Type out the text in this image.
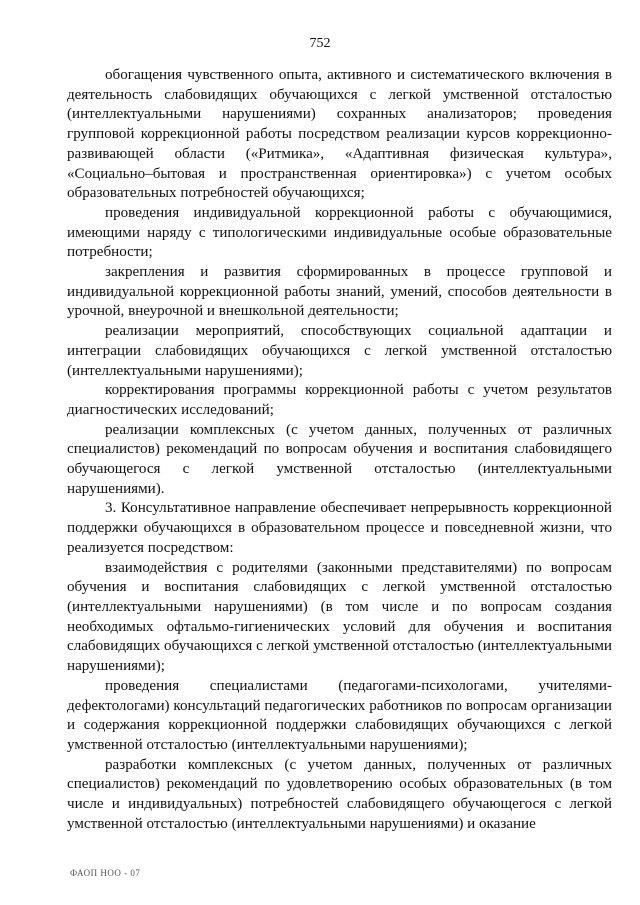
752

обогащения чувственного опыта, активного и систематического включения в деятельность слабовидящих обучающихся с легкой умственной отсталостью (интеллектуальными нарушениями) сохранных анализаторов; проведения групповой коррекционной работы посредством реализации курсов коррекционно-развивающей области («Ритмика», «Адаптивная физическая культура», «Социально–бытовая и пространственная ориентировка») с учетом особых образовательных потребностей обучающихся;

проведения индивидуальной коррекционной работы с обучающимися, имеющими наряду с типологическими индивидуальные особые образовательные потребности;

закрепления и развития сформированных в процессе групповой и индивидуальной коррекционной работы знаний, умений, способов деятельности в урочной, внеурочной и внешкольной деятельности;

реализации мероприятий, способствующих социальной адаптации и интеграции слабовидящих обучающихся с легкой умственной отсталостью (интеллектуальными нарушениями);

корректирования программы коррекционной работы с учетом результатов диагностических исследований;

реализации комплексных (с учетом данных, полученных от различных специалистов) рекомендаций по вопросам обучения и воспитания слабовидящего обучающегося с легкой умственной отсталостью (интеллектуальными нарушениями).

3. Консультативное направление обеспечивает непрерывность коррекционной поддержки обучающихся в образовательном процессе и повседневной жизни, что реализуется посредством:

взаимодействия с родителями (законными представителями) по вопросам обучения и воспитания слабовидящих с легкой умственной отсталостью (интеллектуальными нарушениями) (в том числе и по вопросам создания необходимых офтальмо-гигиенических условий для обучения и воспитания слабовидящих обучающихся с легкой умственной отсталостью (интеллектуальными нарушениями);

проведения специалистами (педагогами-психологами, учителями-дефектологами) консультаций педагогических работников по вопросам организации и содержания коррекционной поддержки слабовидящих обучающихся с легкой умственной отсталостью (интеллектуальными нарушениями);

разработки комплексных (с учетом данных, полученных от различных специалистов) рекомендаций по удовлетворению особых образовательных (в том числе и индивидуальных) потребностей слабовидящего обучающегося с легкой умственной отсталостью (интеллектуальными нарушениями) и оказание

ФАОП НОО - 07
